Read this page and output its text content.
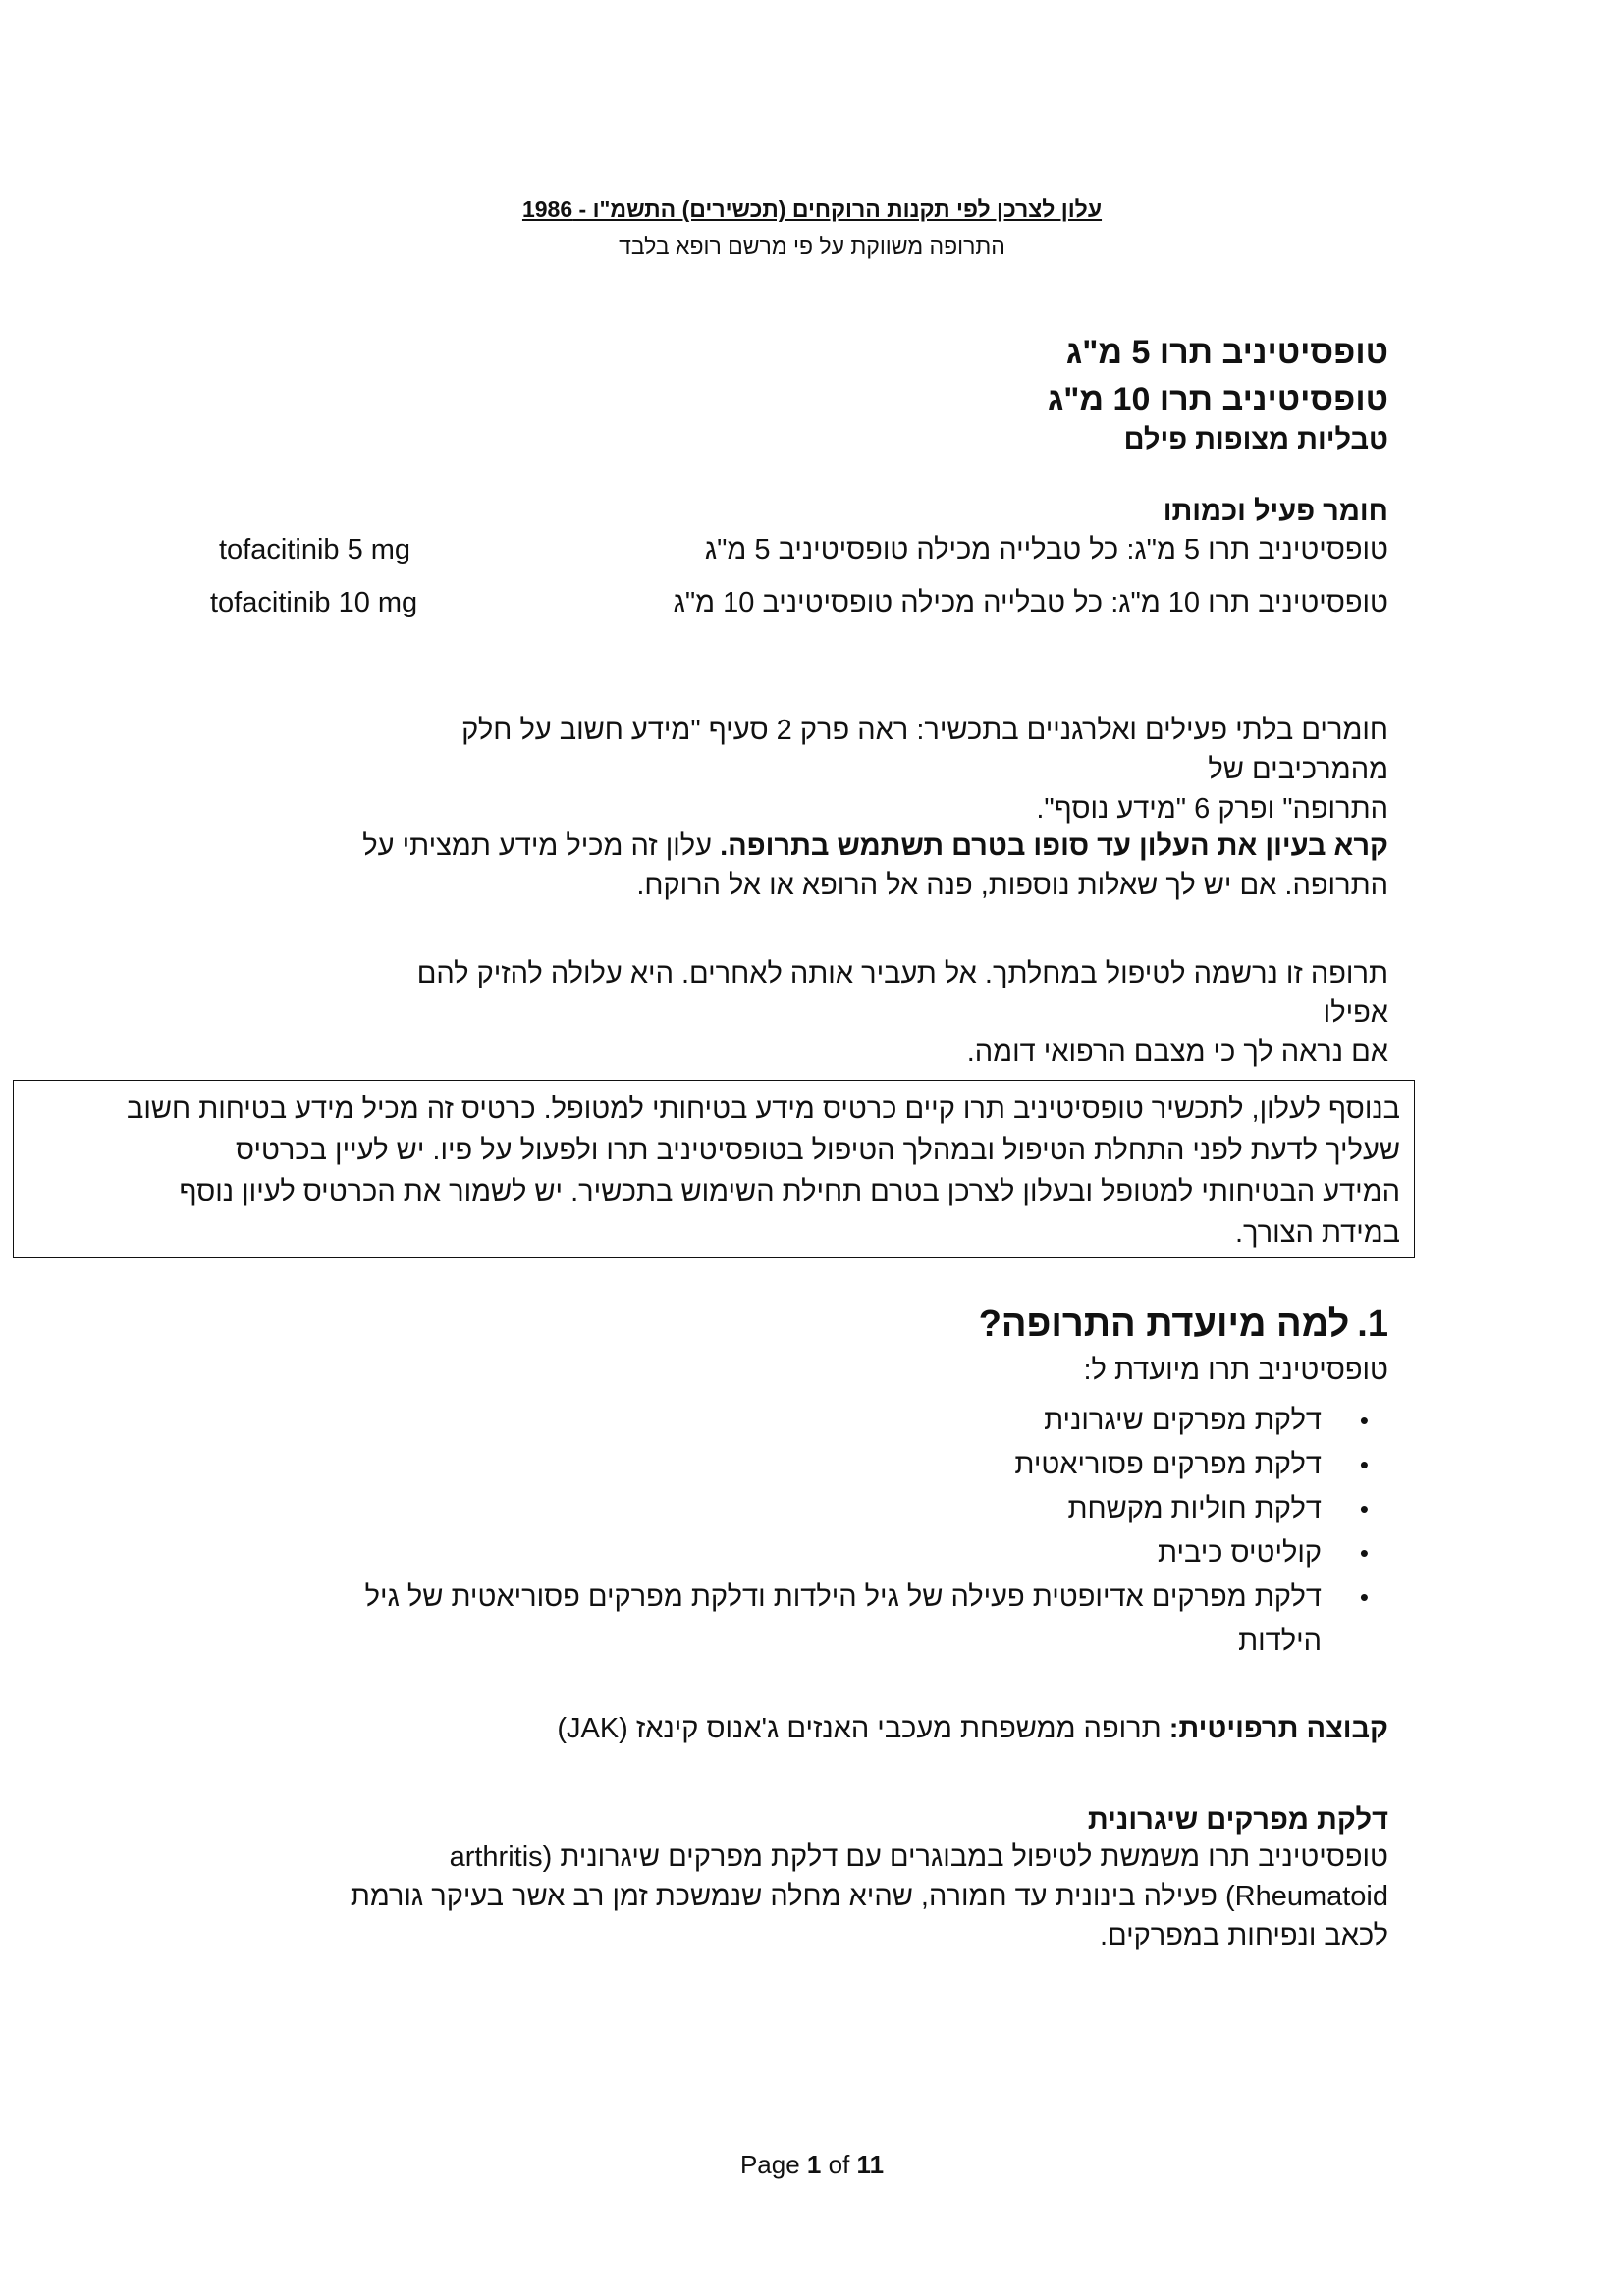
עלון לצרכן לפי תקנות הרוקחים (תכשירים) התשמ"ו - 1986
התרופה משווקת על פי מרשם רופא בלבד
טופסיטיניב תרו 5 מ"ג
טופסיטיניב תרו 10 מ"ג
טבליות מצופות פילם
חומר פעיל וכמותו
טופסיטיניב תרו 5 מ"ג: כל טבלייה מכילה טופסיטיניב 5 מ"ג
tofacitinib 5 mg
טופסיטיניב תרו 10 מ"ג: כל טבלייה מכילה טופסיטיניב 10 מ"ג
tofacitinib 10 mg
חומרים בלתי פעילים ואלרגניים בתכשיר: ראה פרק 2 סעיף "מידע חשוב על חלק מהמרכיבים של
התרופה" ופרק 6 "מידע נוסף".
קרא בעיון את העלון עד סופו בטרם תשתמש בתרופה. עלון זה מכיל מידע תמציתי על
התרופה. אם יש לך שאלות נוספות, פנה אל הרופא או אל הרוקח.
תרופה זו נרשמה לטיפול במחלתך. אל תעביר אותה לאחרים. היא עלולה להזיק להם אפילו
אם נראה לך כי מצבם הרפואי דומה.
בנוסף לעלון, לתכשיר טופסיטיניב תרו קיים כרטיס מידע בטיחותי למטופל. כרטיס זה מכיל מידע בטיחות חשוב
שעליך לדעת לפני התחלת הטיפול ובמהלך הטיפול בטופסיטיניב תרו ולפעול על פיו. יש לעיין בכרטיס
המידע הבטיחותי למטופל ובעלון לצרכן בטרם תחילת השימוש בתכשיר. יש לשמור את הכרטיס לעיון נוסף
במידת הצורך.
1.למה מיועדת התרופה?
טופסיטיניב תרו מיועדת ל:
•
דלקת מפרקים שיגרונית
•
דלקת מפרקים פסוריאטית
•
דלקת חוליות מקשחת
•
קוליטיס כיבית
•
דלקת מפרקים אדיופטית פעילה של גיל הילדות ודלקת מפרקים פסוריאטית של גיל הילדות
קבוצה תרפויטית: תרופה ממשפחת מעכבי האנזים ג'אנוס קינאז (JAK)
דלקת מפרקים שיגרונית
טופסיטיניב תרו משמשת לטיפול במבוגרים עם דלקת מפרקים שיגרונית (arthritis
Rheumatoid) פעילה בינונית עד חמורה, שהיא מחלה שנמשכת זמן רב אשר בעיקר גורמת
לכאב ונפיחות במפרקים.
Page 1 of 11
